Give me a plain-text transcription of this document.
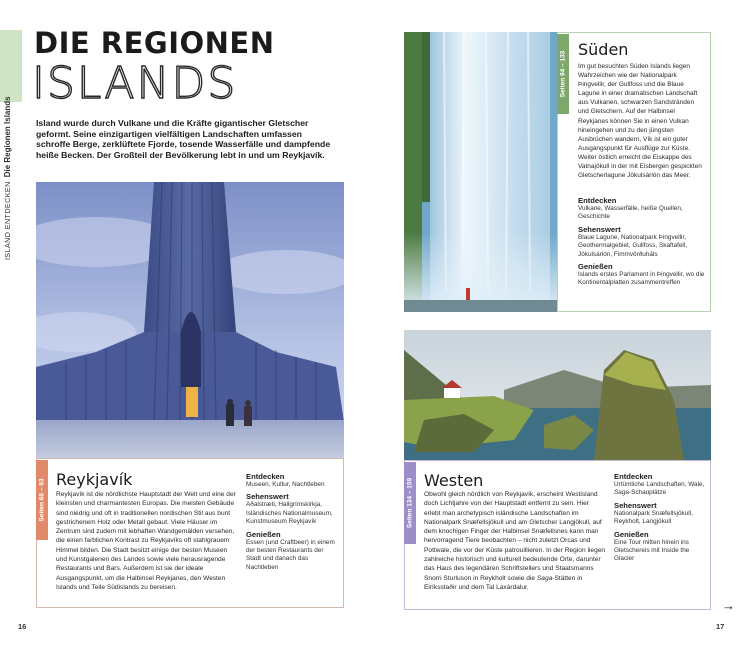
ISLAND ENTDECKENDie Regionen Islands
DIE REGIONEN
ISLANDS
Island wurde durch Vulkane und die Kräfte gigantischer Gletscher geformt. Seine einzigartigen vielfältigen Landschaften umfassen schroffe Berge, zerklüftete Fjorde, tosende Wasserfälle und dampfende heiße Becken. Der Großteil der Bevölkerung lebt in und um Reykjavík.
Seiten 68 – 93 Reykjavík
Reykjavík ist die nördlichste Hauptstadt der Welt und eine der kleinsten und charmantesten Europas. Die meisten Gebäude sind niedrig und oft in traditionellen nordischen Stil aus bunt gestrichenem Holz oder Metall gebaut. Viele Häuser im Zentrum sind zudem mit lebhaften Wandgemälden versehen, die einen farblichen Kontrast zu Reykjavíks oft stahlgrauem Himmel bilden. Die Stadt besitzt einige der besten Museen und Kunstgalerien des Landes sowie viele herausragende Restaurants und Bars. Außerdem ist sie der ideale Ausgangspunkt, um die Halbinsel Reykjanes, den Westen Islands und Teile Südislands zu bereisen.
Entdecken
Museen, Kultur, Nachtleben
Sehenswert
Aðalstræti, Hallgrímskirkja, Isländisches Nationalmuseum, Kunstmuseum Reykjavík
Genießen
Essen (und Craftbeer) in einem der besten Restaurants der Stadt und danach das Nachtleben
16
Seiten 94 – 133
Süden
Im gut besuchten Süden Islands liegen Wahrzeichen wie der Nationalpark Þingvellir, der Gullfoss und die Blaue Lagune in einer dramatischen Landschaft aus Vulkanen, schwarzen Sandstränden und Gletschern. Auf der Halbinsel Reykjanes können Sie in einen Vulkan hineingehen und zu den jüngsten Ausbrüchen wandern, Vík ist ein guter Ausgangspunkt für Ausflüge zur Küste. Weiter östlich erreicht die Eiskappe des Vatnajökull in der mit Eisbergen gespickten Gletscherlagune Jökulsárlón das Meer.
Entdecken
Vulkane, Wasserfälle, heiße Quellen, Geschichte
Sehenswert
Blaue Lagune, Nationalpark Þingvellir, Geothermalgebiet, Gullfoss, Skaftafell, Jökulsárlón, Fimmvörðuháls
Genießen
Islands erstes Parlament in Þingvellir, wo die Kontinentalplatten zusammentreffen
Seiten 134 – 159 Westen
Obwohl gleich nördlich von Reykjavík, erscheint Westisland doch Lichtjahre von der Hauptstadt entfernt zu sein. Hier erlebt man archetypisch isländische Landschaften im Nationalpark Snæfellsjökull und am Gletscher Langjökull, auf dem knochigen Finger der Halbinsel Snæfellsnes kann man hervorragend Tiere beobachten – nicht zuletzt Orcas und Pottwale, die vor der Küste patrouillieren. In der Region liegen zahlreiche historisch und kulturell bedeutende Orte, darunter das Haus des legendären Schriftstellers und Staatsmanns Snorri Sturluson in Reykholt sowie die Saga-Stätten in Eiríksstaðir und dem Tal Laxárdalur.
Entdecken
Urtümliche Landschaften, Wale, Saga-Schauplätze
Sehenswert
Nationalpark Snæfellsjökull, Reykholt, Langjökull
Genießen
Eine Tour mitten hinein ins Gletschereis mit Inside the Glacier
→
17
